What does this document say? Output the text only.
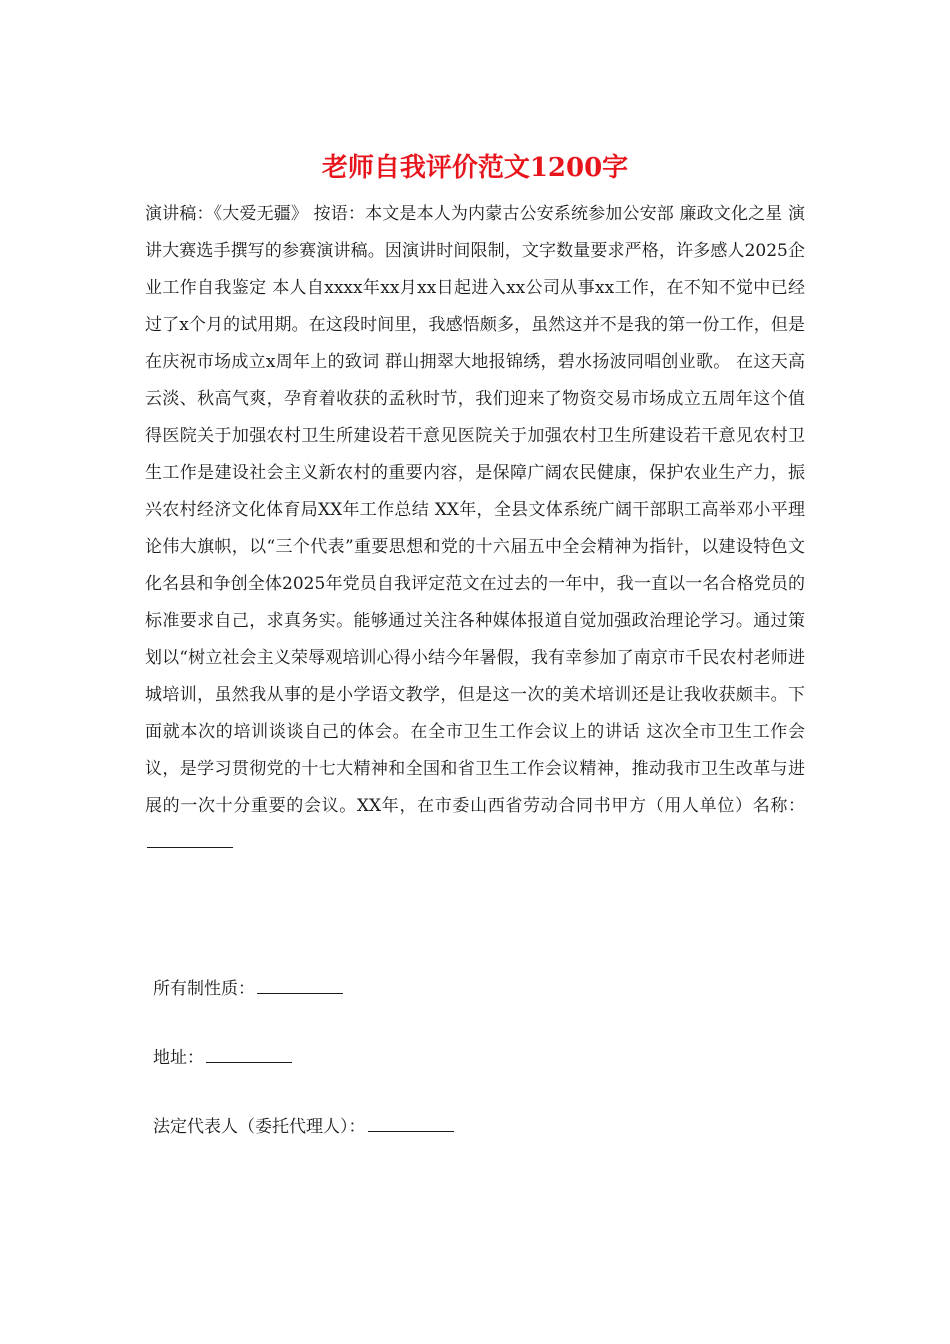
老师自我评价范文1200字

演讲稿：《大爱无疆》 按语：本文是本人为内蒙古公安系统参加公安部 廉政文化之星 演讲大赛选手撰写的参赛演讲稿。因演讲时间限制，文字数量要求严格，许多感人2025企业工作自我鉴定 本人自xxxx年xx月xx日起进入xx公司从事xx工作，在不知不觉中已经过了x个月的试用期。在这段时间里，我感悟颇多，虽然这并不是我的第一份工作，但是在庆祝市场成立x周年上的致词 群山拥翠大地报锦绣，碧水扬波同唱创业歌。 在这天高云淡、秋高气爽，孕育着收获的孟秋时节，我们迎来了物资交易市场成立五周年这个值得医院关于加强农村卫生所建设若干意见医院关于加强农村卫生所建设若干意见农村卫生工作是建设社会主义新农村的重要内容，是保障广阔农民健康，保护农业生产力，振兴农村经济文化体育局XX年工作总结 XX年，全县文体系统广阔干部职工高举邓小平理论伟大旗帜，以“三个代表”重要思想和党的十六届五中全会精神为指针，以建设特色文化名县和争创全体2025年党员自我评定范文在过去的一年中，我一直以一名合格党员的标准要求自己，求真务实。能够通过关注各种媒体报道自觉加强政治理论学习。通过策划以“树立社会主义荣辱观培训心得小结今年暑假，我有幸参加了南京市千民农村老师进城培训，虽然我从事的是小学语文教学，但是这一次的美术培训还是让我收获颇丰。下面就本次的培训谈谈自己的体会。在全市卫生工作会议上的讲话 这次全市卫生工作会议，是学习贯彻党的十七大精神和全国和省卫生工作会议精神，推动我市卫生改革与进展的一次十分重要的会议。XX年，在市委山西省劳动合同书甲方（用人单位）名称：

所有制性质：

地址：

法定代表人（委托代理人）：
